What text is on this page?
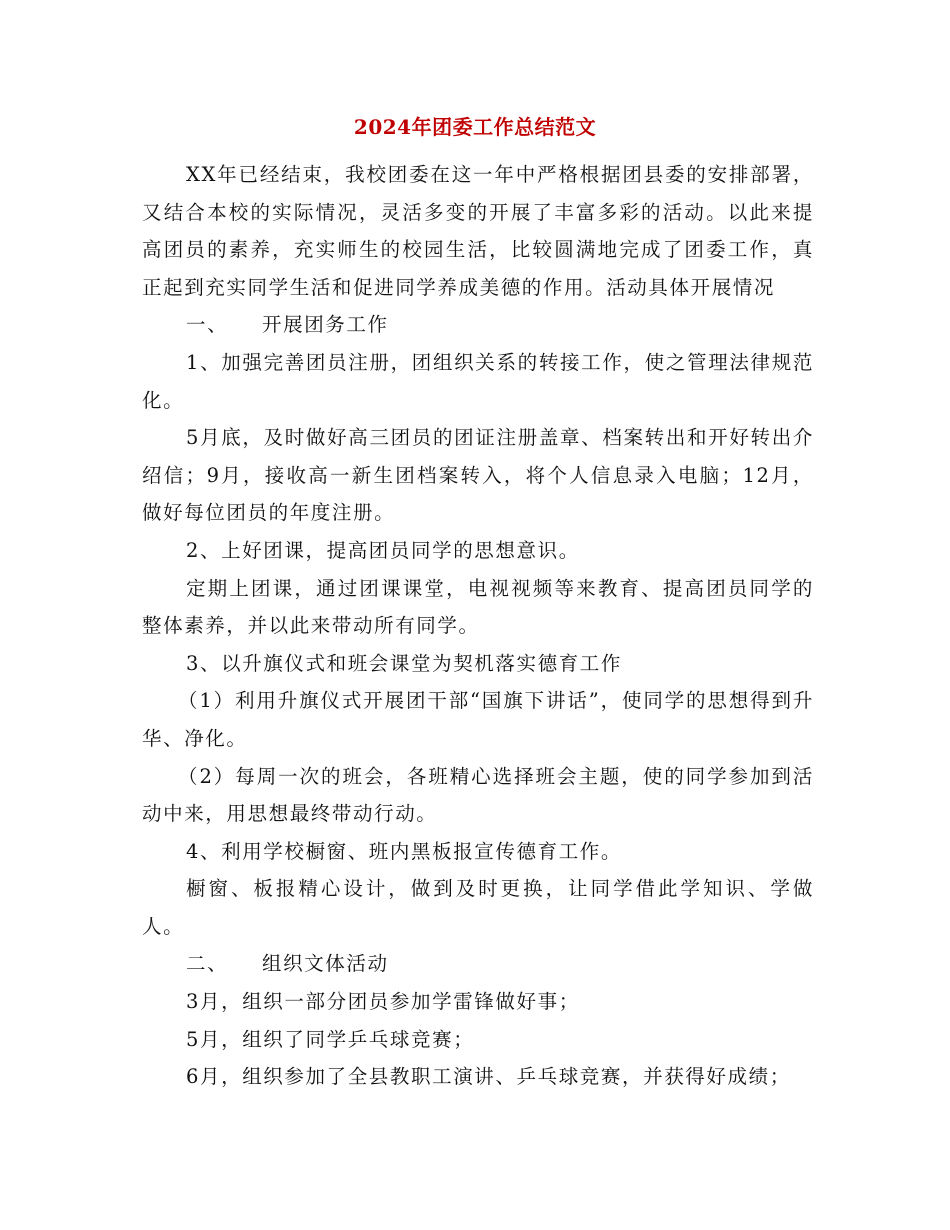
2024年团委工作总结范文

XX年已经结束，我校团委在这一年中严格根据团县委的安排部署，又结合本校的实际情况，灵活多变的开展了丰富多彩的活动。以此来提高团员的素养，充实师生的校园生活，比较圆满地完成了团委工作，真正起到充实同学生活和促进同学养成美德的作用。活动具体开展情况

一、 开展团务工作

1、加强完善团员注册，团组织关系的转接工作，使之管理法律规范化。

5月底，及时做好高三团员的团证注册盖章、档案转出和开好转出介绍信；9月，接收高一新生团档案转入，将个人信息录入电脑；12月，做好每位团员的年度注册。

2、上好团课，提高团员同学的思想意识。

定期上团课，通过团课课堂，电视视频等来教育、提高团员同学的整体素养，并以此来带动所有同学。

3、以升旗仪式和班会课堂为契机落实德育工作

（1）利用升旗仪式开展团干部“国旗下讲话”，使同学的思想得到升华、净化。

（2）每周一次的班会，各班精心选择班会主题，使的同学参加到活动中来，用思想最终带动行动。

4、利用学校橱窗、班内黑板报宣传德育工作。

橱窗、板报精心设计，做到及时更换，让同学借此学知识、学做人。

二、 组织文体活动

3月，组织一部分团员参加学雷锋做好事；

5月，组织了同学乒乓球竞赛；

6月，组织参加了全县教职工演讲、乒乓球竞赛，并获得好成绩；
